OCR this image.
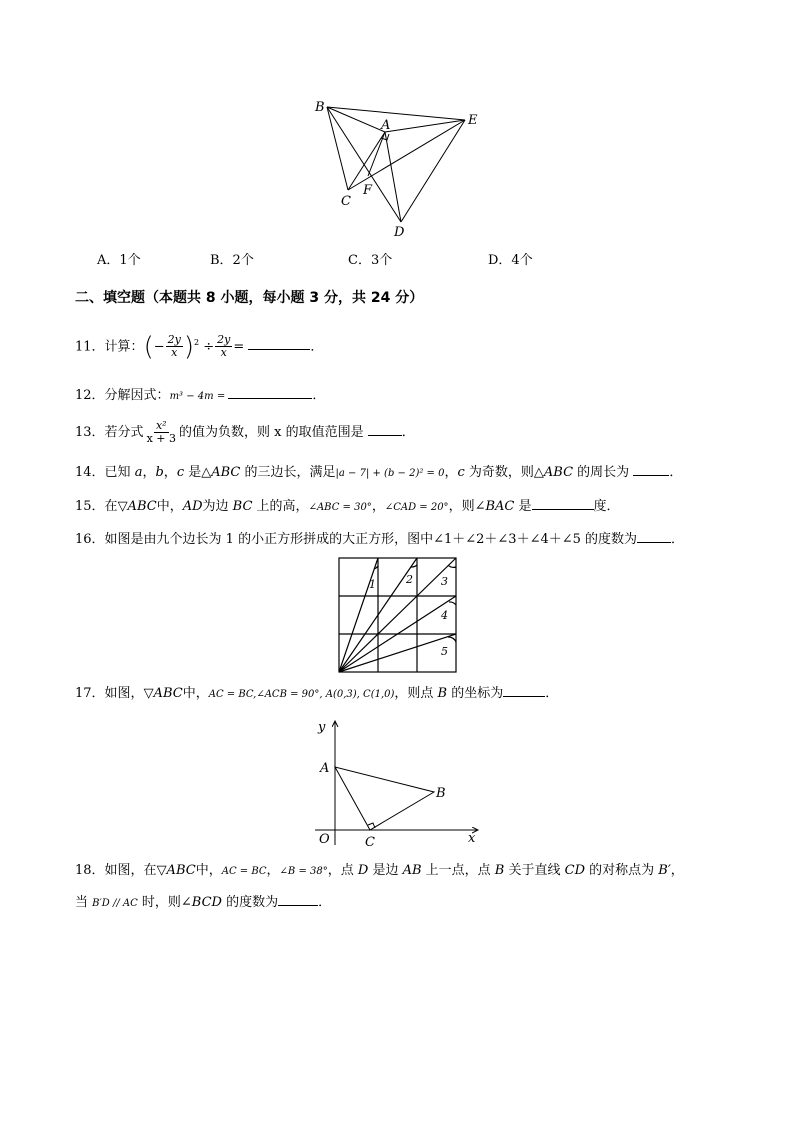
B
A	E
C
F
D
A．1个	B．2个	C．3个	D．4个
二、填空题（本题共 8 小题，每小题 3 分，共 24 分）
11．计算：(− $\frac{2y}{x} )^2 \div \frac{2y}{x}$ =	．
12．分解因式：m³ − 4m =	．
13．若分式 $\frac{\text{x²}}{x + 3}$ 的值为负数，则 x 的取值范围是	．
14．已知 a，b，c 是△ABC 的三边长，满足|a − 7| + (b − 2)² = 0，c 为奇数，则△ABC 的周长为	．
15．在▽ABC中，AD为边 BC 上的高，∠ABC = 30°，∠CAD = 20°，则∠BAC 是	度．
16．如图是由九个边长为 1 的小正方形拼成的大正方形，图中∠1＋∠2＋∠3＋∠4＋∠5 的度数为	．
1	2	3
4
5
17．如图，▽ABC中，AC = BC,∠ACB = 90°, A(0,3), C(1,0)，则点 B 的坐标为	．
y
x
O
A
B
C
18．如图，在▽ABC中，AC = BC，∠B = 38°，点 D 是边 AB 上一点，点 B 关于直线 CD 的对称点为 B′，
当 B′D // AC 时，则∠BCD 的度数为	．
